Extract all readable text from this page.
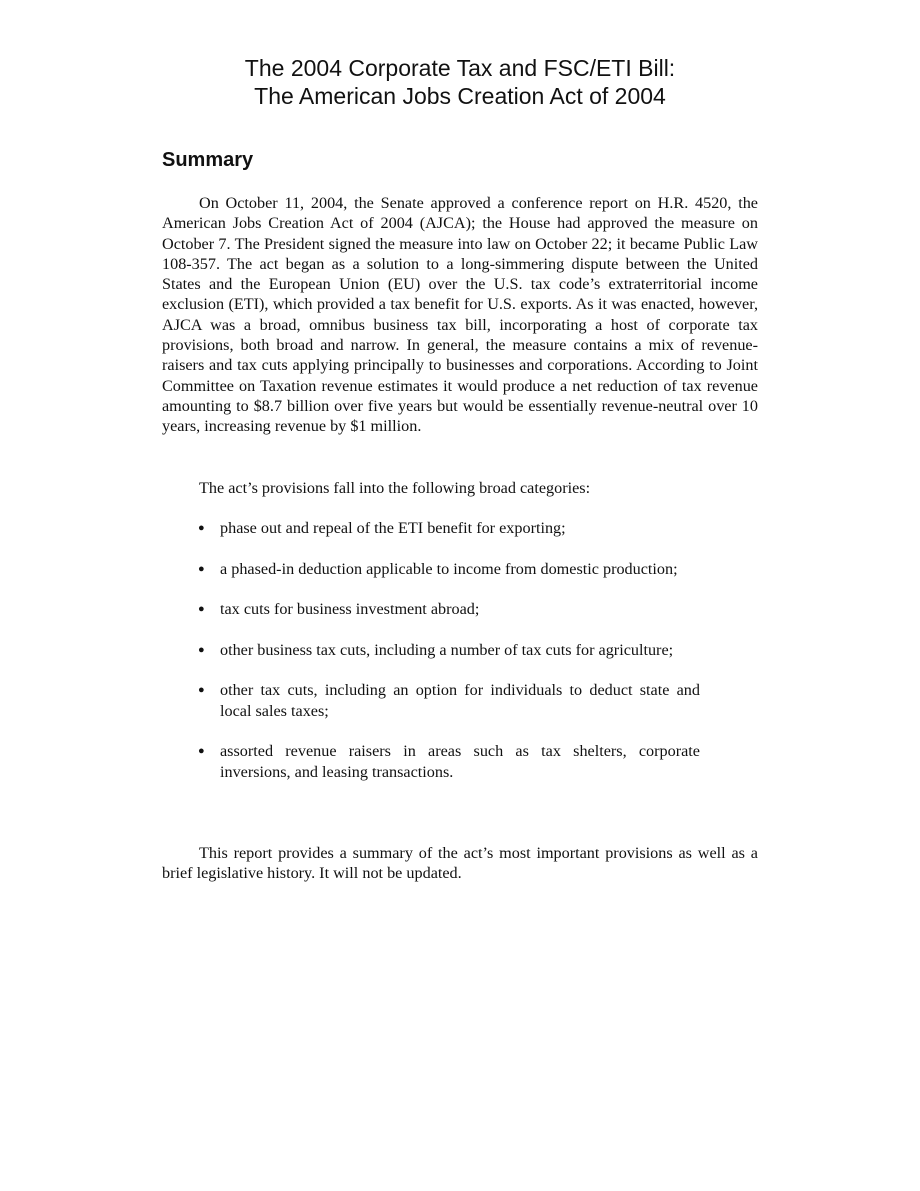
The 2004 Corporate Tax and FSC/ETI Bill:
The American Jobs Creation Act of 2004
Summary

On October 11, 2004, the Senate approved a conference report on H.R. 4520, the American Jobs Creation Act of 2004 (AJCA); the House had approved the measure on October 7. The President signed the measure into law on October 22; it became Public Law 108-357. The act began as a solution to a long-simmering dispute between the United States and the European Union (EU) over the U.S. tax code’s extraterritorial income exclusion (ETI), which provided a tax benefit for U.S. exports. As it was enacted, however, AJCA was a broad, omnibus business tax bill, incorporating a host of corporate tax provisions, both broad and narrow. In general, the measure contains a mix of revenue-raisers and tax cuts applying principally to businesses and corporations. According to Joint Committee on Taxation revenue estimates it would produce a net reduction of tax revenue amounting to $8.7 billion over five years but would be essentially revenue-neutral over 10 years, increasing revenue by $1 million.

The act’s provisions fall into the following broad categories:

● phase out and repeal of the ETI benefit for exporting;
● a phased-in deduction applicable to income from domestic production;
● tax cuts for business investment abroad;
● other business tax cuts, including a number of tax cuts for agriculture;
● other tax cuts, including an option for individuals to deduct state and local sales taxes;
● assorted revenue raisers in areas such as tax shelters, corporate inversions, and leasing transactions.

This report provides a summary of the act’s most important provisions as well as a brief legislative history. It will not be updated.
